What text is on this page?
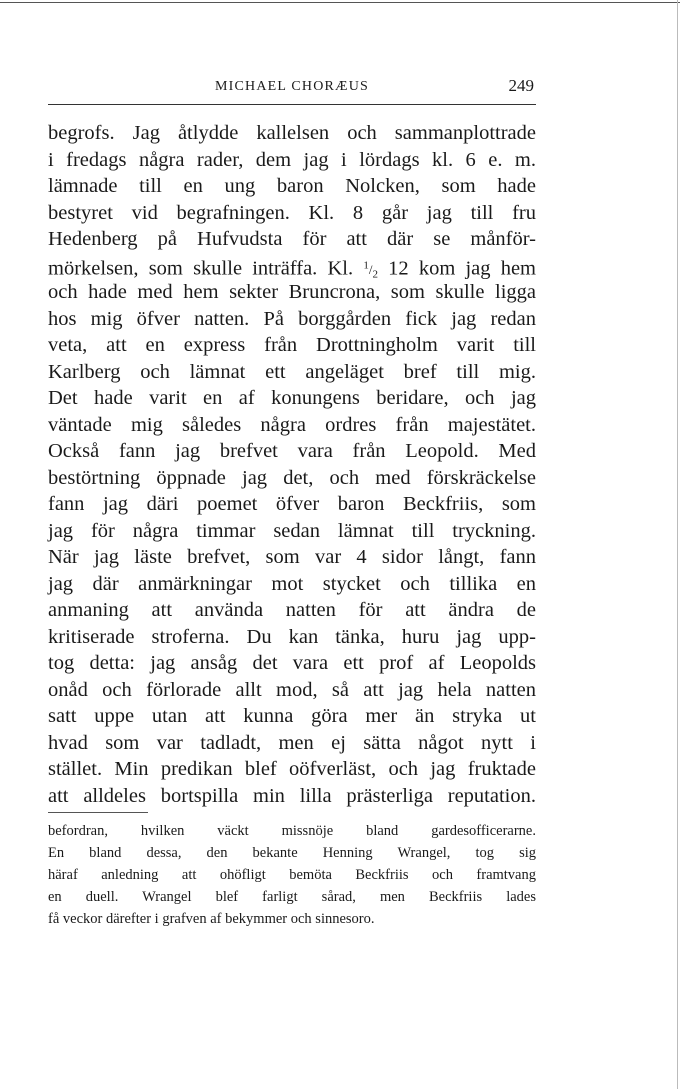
MICHAEL CHORÆUS	249
begrofs. Jag åtlydde kallelsen och sammanplottrade
i fredags några rader, dem jag i lördags kl. 6 e. m.
lämnade till en ung baron Nolcken, som hade
bestyret vid begrafningen. Kl. 8 går jag till fru
Hedenberg på Hufvudsta för att där se månför-
mörkelsen, som skulle inträffa. Kl. $^1/_2$ 12 kom jag hem
och hade med hem sekter Bruncrona, som skulle ligga
hos mig öfver natten. På borggården fick jag redan
veta, att en express från Drottningholm varit till
Karlberg och lämnat ett angeläget bref till mig.
Det hade varit en af konungens beridare, och jag
väntade mig således några ordres från majestätet.
Också fann jag brefvet vara från Leopold. Med
bestörtning öppnade jag det, och med förskräckelse
fann jag däri poemet öfver baron Beckfriis, som
jag för några timmar sedan lämnat till tryckning.
När jag läste brefvet, som var 4 sidor långt, fann
jag där anmärkningar mot stycket och tillika en
anmaning att använda natten för att ändra de
kritiserade stroferna. Du kan tänka, huru jag upp-
tog detta: jag ansåg det vara ett prof af Leopolds
onåd och förlorade allt mod, så att jag hela natten
satt uppe utan att kunna göra mer än stryka ut
hvad som var tadladt, men ej sätta något nytt i
stället. Min predikan blef oöfverläst, och jag fruktade
att alldeles bortspilla min lilla prästerliga reputation.
befordran, hvilken väckt missnöje bland gardesofficerarne.
En bland dessa, den bekante Henning Wrangel, tog sig
häraf anledning att ohöfligt bemöta Beckfriis och framtvang
en duell. Wrangel blef farligt sårad, men Beckfriis lades
få veckor därefter i grafven af bekymmer och sinnesoro.
